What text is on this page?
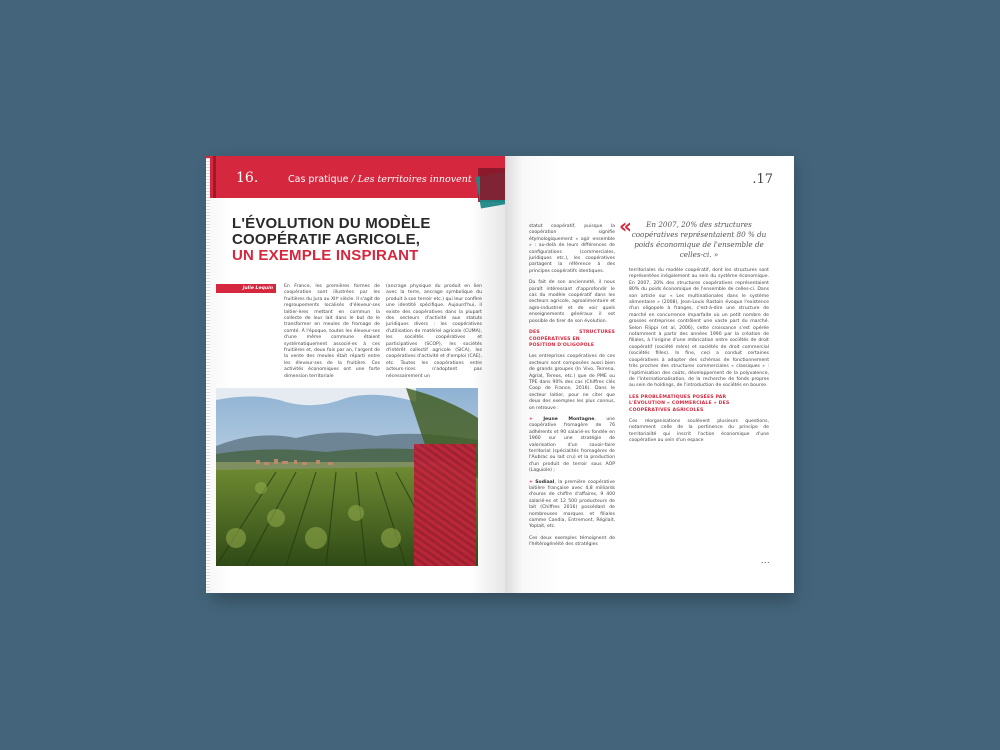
16.	Cas pratique / Les territoires innovent
L'ÉVOLUTION DU MODÈLE
COOPÉRATIF AGRICOLE,
UN EXEMPLE INSPIRANT
Julie Lequin	En France, les premières formes de coopération sont illustrées par les fruitières du Jura au XIIᵉ siècle. Il s'agit de regroupements localisés d'éleveur·ses laitier·ères mettant en commun la collecte de leur lait dans le but de le transformer en meules de fromage de comté. À l'époque, toutes les éleveur·ses d'une même commune étaient systématiquement associé·es à ces fruitières et, deux fois par an, l'argent de la vente des meules était réparti entre les éleveur·ses de la fruitière. Ces activités économiques ont une forte dimension territoriale

(ancrage physique du produit en lien avec la terre, ancrage symbolique du produit à son terroir etc.) qui leur confère une identité spécifique. Aujourd'hui, il existe des coopératives dans la plupart des secteurs d'activité aux statuts juridiques divers : les coopératives d'utilisation de matériel agricole (CUMA), les sociétés coopératives et participatives (SCOP), les sociétés d'intérêt collectif agricole (SICA), les coopératives d'activité et d'emploi (CAE), etc. Toutes les coopérations entre acteurs·rices n'adoptent pas nécessairement un

.17

statut coopératif, puisque la coopération signifie étymologiquement « agir ensemble » : au-delà de leurs différences de configurations (commerciales, juridiques etc.), les coopératives partagent la référence à des principes coopératifs identiques.

Du fait de son ancienneté, il nous paraît intéressant d'approfondir le cas du modèle coopératif dans les secteurs agricole, agroalimentaire et agro-industriel et de voir quels enseignements généraux il est possible de tirer de son évolution.

DES STRUCTURES COOPÉRATIVES EN
POSITION D'OLIGOPOLE

Les entreprises coopératives de ces secteurs sont composées aussi bien de grands groupes (In Vivo, Terrena, Agrial, Tereos, etc.) que de PME ou TPE dans 90% des cas (Chiffres clés Coop de France, 2016). Dans le secteur laitier, pour ne citer que deux des exemples les plus connus, on retrouve :

+ Jeune Montagne, une coopérative fromagère de 76 adhérents et 90 salarié·es fondée en 1960 sur une stratégie de valorisation d'un savoir-faire territorial (spécialités fromagères de l'Aubrac ou lait cru) et la production d'un produit de terroir sous AOP (Laguiole) ;

+ Sodiaal, la première coopérative laitière française avec 4,8 milliards d'euros de chiffre d'affaires, 9 400 salarié·es et 12 500 producteurs de lait (Chiffres 2016) possédant de nombreuses marques et filiales comme Candia, Entremont, Régilait, Yoplait, etc.

Ces deux exemples témoignent de l'hétérogénéité des stratégies

«	En 2007, 20% des structures coopératives représentaient 80 % du poids économique de l'ensemble de celles-ci. »

territoriales du modèle coopératif, dont les structures sont représentées inégalement au sein du système économique. En 2007, 20% des structures coopératives représentaient 80% du poids économique de l'ensemble de celles-ci. Dans son article sur « Les multinationales dans le système alimentaire » (2008), Jean-Louis Rastoin évoque l'existence d'un oligopole à franges, c'est-à-dire une structure de marché en concurrence imparfaite où un petit nombre de grosses entreprises contrôlent une vaste part du marché. Selon Filippi (et al, 2006), cette croissance s'est opérée notamment à partir des années 1990 par la création de filiales, à l'origine d'une imbrication entre sociétés de droit coopératif (société mère) et sociétés de droit commercial (sociétés filles). In fine, ceci a conduit certaines coopératives à adopter des schémas de fonctionnement très proches des structures commerciales « classiques » : l'optimisation des coûts, développement de la polyvalence, de l'internationalisation, de la recherche de fonds propres au sein de holdings, de l'introduction de sociétés en bourse.

LES PROBLÉMATIQUES POSÉES PAR
L'ÉVOLUTION « COMMERCIALE » DES
COOPÉRATIVES AGRICOLES

Ces réorganisations soulèvent plusieurs questions, notamment celle de la pertinence du principe de territorialité qui inscrit l'action économique d'une coopérative au sein d'un espace

...
